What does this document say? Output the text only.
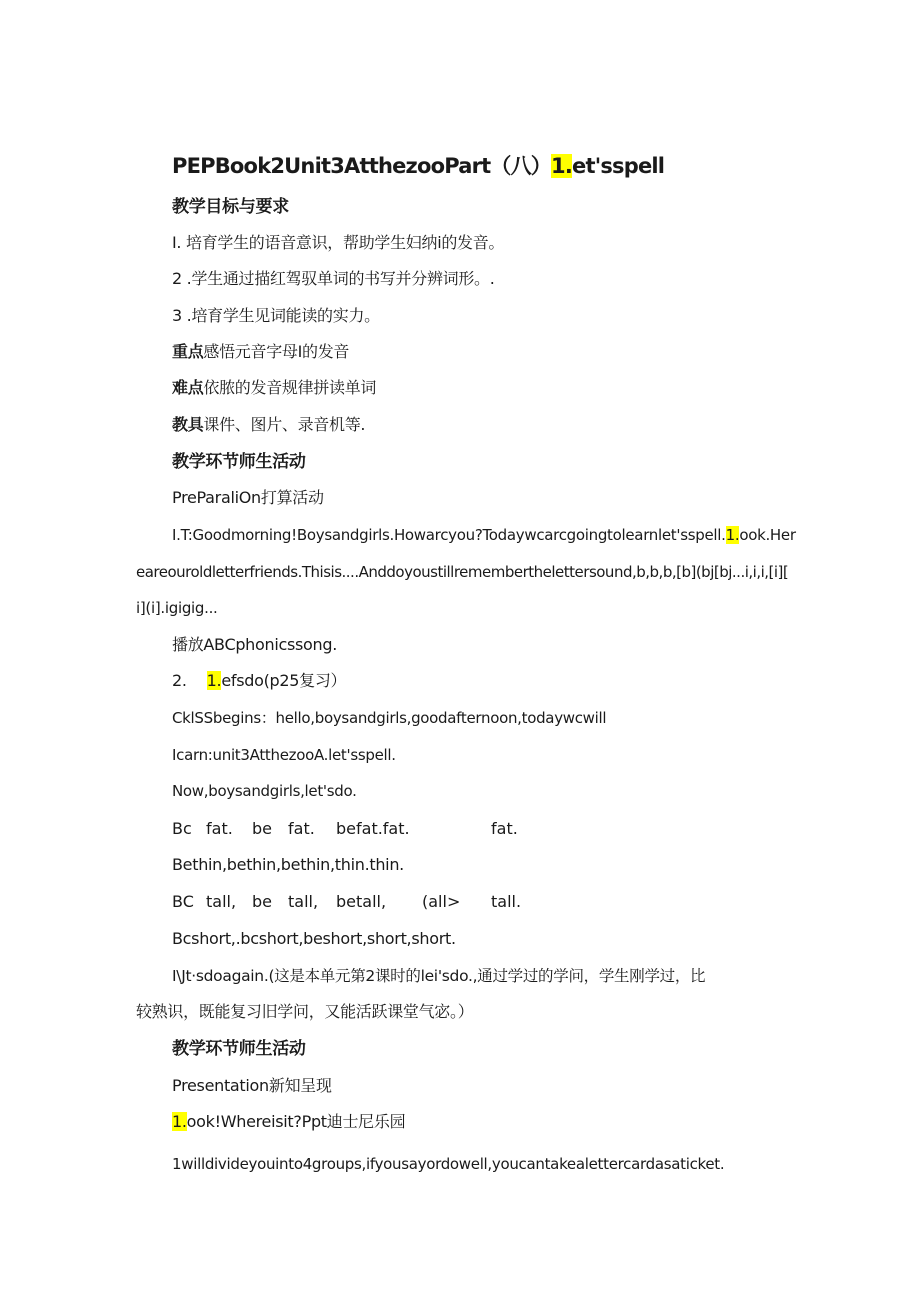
PEPBook2Unit3AtthezooPart（八）1.et'sspell
教学目标与要求
I. 培育学生的语音意识，帮助学生妇纳i的发音。
2 .学生通过描红驾驭单词的书写并分辨词形。.
3 .培育学生见词能读的实力。
重点感悟元音字母I的发音
难点依脓的发音规律拼读单词
教具课件、图片、录音机等.
教学环节师生活动
PreParaliOn打算活动
I.T:Goodmorning!Boysandgirls.Howarcyou?Todaywcarcgoingtolearnlet'sspell.1.ook.Her
eareouroldletterfriends.Thisis....Anddoyoustillrememberthelettersound,b,b,b,[b](bj[bj...i,i,i,[i][
i](i].igigig...
播放ABCphonicssong.
2. 1.efsdo(p25复习）
CklSSbegins：hello,boysandgirls,goodafternoon,todaywcwill
Icarn:unit3AtthezooA.let'sspell.
Now,boysandgirls,let'sdo.
Bc fat. be fat. befat.fat.	fat.
Bethin,bethin,bethin,thin.thin.
BC tall, be tall, betall, (all> tall.
Bcshort,.bcshort,beshort,short,short.
I\Jt·sdoagain.(这是本单元第2课时的lei'sdo.,通过学过的学问，学生刚学过，比
较熟识，既能复习旧学问，又能活跃课堂气宓。）
教学环节师生活动
Presentation新知呈现
1.ook!Whereisit?Ppt迪士尼乐园
1willdivideyouinto4groups,ifyousayordowell,youcantakealettercardasaticket.
